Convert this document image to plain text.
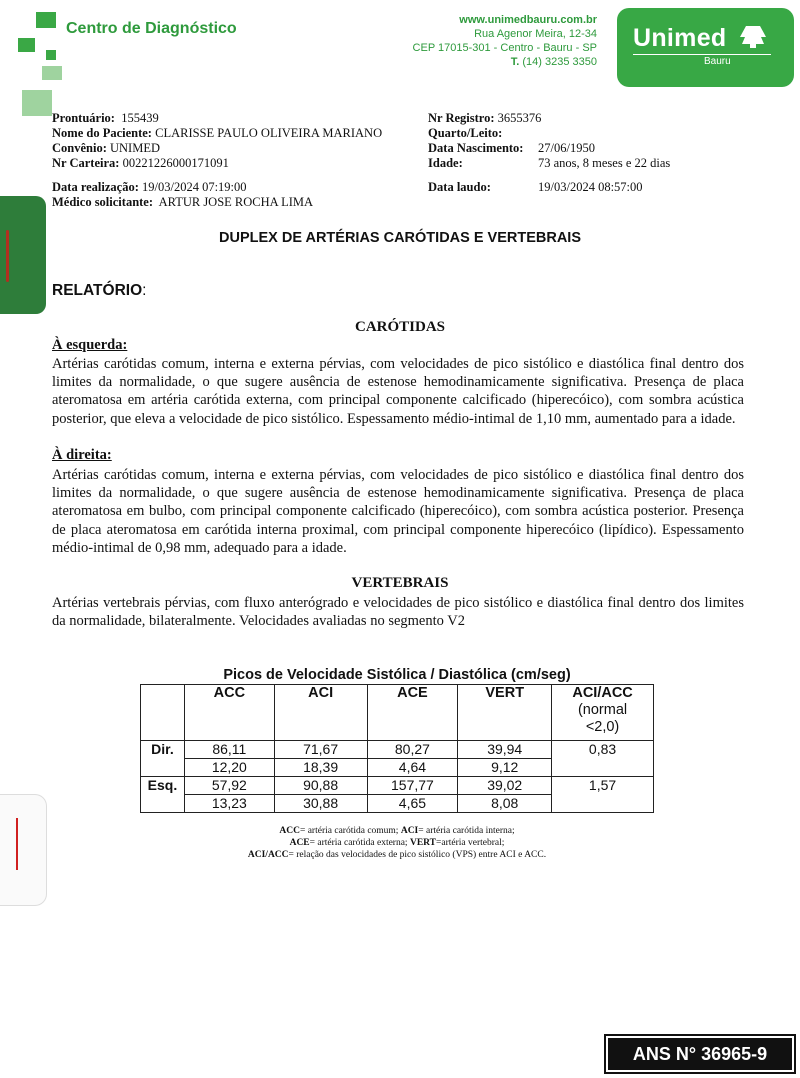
Centro de Diagnóstico	www.unimedbauru.com.br
Rua Agenor Meira, 12-34
CEP 17015-301 - Centro - Bauru - SP
T. (14) 3235 3350
Unimed
Bauru
Prontuário: 155439
Nome do Paciente: CLARISSE PAULO OLIVEIRA MARIANO
Convênio: UNIMED
Nr Carteira: 00221226000171091
Data realização: 19/03/2024 07:19:00
Médico solicitante: ARTUR JOSE ROCHA LIMA
Nr Registro: 3655376
Quarto/Leito:
Data Nascimento: 27/06/1950
Idade:	73 anos, 8 meses e 22 dias
Data laudo:	19/03/2024 08:57:00
DUPLEX DE ARTÉRIAS CARÓTIDAS E VERTEBRAIS
RELATÓRIO:
CARÓTIDAS
À esquerda:
Artérias carótidas comum, interna e externa pérvias, com velocidades de pico sistólico e diastólica final dentro dos limites da normalidade, o que sugere ausência de estenose hemodinamicamente significativa. Presença de placa ateromatosa em artéria carótida externa, com principal componente calcificado (hiperecóico), com sombra acústica posterior, que eleva a velocidade de pico sistólico. Espessamento médio-intimal de 1,10 mm, aumentado para a idade.
À direita:
Artérias carótidas comum, interna e externa pérvias, com velocidades de pico sistólico e diastólica final dentro dos limites da normalidade, o que sugere ausência de estenose hemodinamicamente significativa. Presença de placa ateromatosa em bulbo, com principal componente calcificado (hiperecóico), com sombra acústica posterior. Presença de placa ateromatosa em carótida interna proximal, com principal componente hiperecóico (lipídico). Espessamento médio-intimal de 0,98 mm, adequado para a idade.
VERTEBRAIS
Artérias vertebrais pérvias, com fluxo anterógrado e velocidades de pico sistólico e diastólica final dentro dos limites da normalidade, bilateralmente. Velocidades avaliadas no segmento V2
Picos de Velocidade Sistólica / Diastólica (cm/seg)
	ACC	ACI	ACE	VERT	ACI/ACC
(normal
<2,0)
Dir.	86,11	71,67	80,27	39,94	0,83
	12,20	18,39	4,64	9,12	
Esq.	57,92	90,88	157,77	39,02	1,57
	13,23	30,88	4,65	8,08	
ACC= artéria carótida comum; ACI= artéria carótida interna;
ACE= artéria carótida externa; VERT=artéria vertebral;
ACI/ACC= relação das velocidades de pico sistólico (VPS) entre ACI e ACC.
ANS N° 36965-9
